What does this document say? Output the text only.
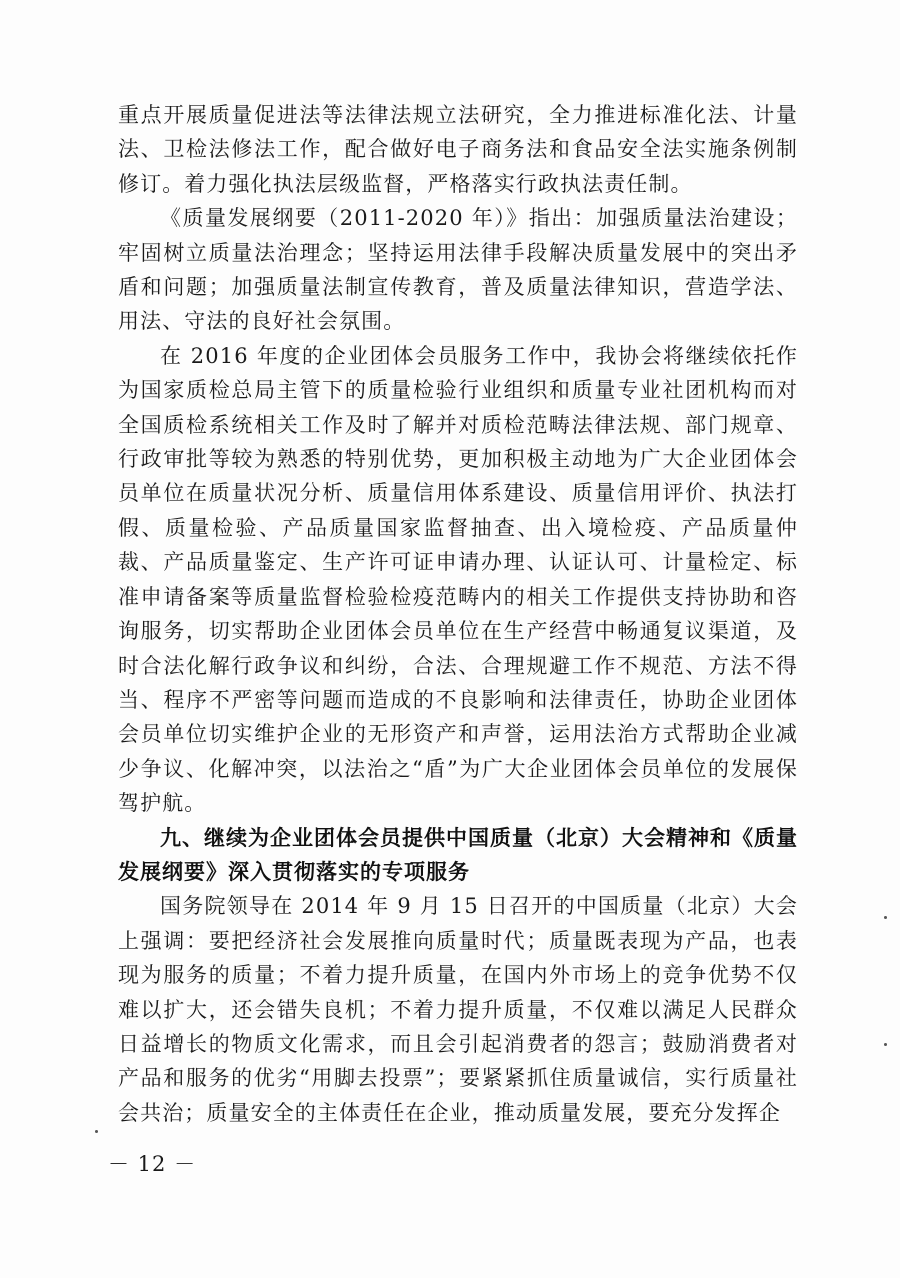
重点开展质量促进法等法律法规立法研究，全力推进标准化法、计量法、卫检法修法工作，配合做好电子商务法和食品安全法实施条例制修订。着力强化执法层级监督，严格落实行政执法责任制。

《质量发展纲要（2011-2020 年）》指出：加强质量法治建设；牢固树立质量法治理念；坚持运用法律手段解决质量发展中的突出矛盾和问题；加强质量法制宣传教育，普及质量法律知识，营造学法、用法、守法的良好社会氛围。

在 2016 年度的企业团体会员服务工作中，我协会将继续依托作为国家质检总局主管下的质量检验行业组织和质量专业社团机构而对全国质检系统相关工作及时了解并对质检范畴法律法规、部门规章、行政审批等较为熟悉的特别优势，更加积极主动地为广大企业团体会员单位在质量状况分析、质量信用体系建设、质量信用评价、执法打假、质量检验、产品质量国家监督抽查、出入境检疫、产品质量仲裁、产品质量鉴定、生产许可证申请办理、认证认可、计量检定、标准申请备案等质量监督检验检疫范畴内的相关工作提供支持协助和咨询服务，切实帮助企业团体会员单位在生产经营中畅通复议渠道，及时合法化解行政争议和纠纷，合法、合理规避工作不规范、方法不得当、程序不严密等问题而造成的不良影响和法律责任，协助企业团体会员单位切实维护企业的无形资产和声誉，运用法治方式帮助企业减少争议、化解冲突，以法治之“盾”为广大企业团体会员单位的发展保驾护航。

九、继续为企业团体会员提供中国质量（北京）大会精神和《质量发展纲要》深入贯彻落实的专项服务

国务院领导在 2014 年 9 月 15 日召开的中国质量（北京）大会上强调：要把经济社会发展推向质量时代；质量既表现为产品，也表现为服务的质量；不着力提升质量，在国内外市场上的竞争优势不仅难以扩大，还会错失良机；不着力提升质量，不仅难以满足人民群众日益增长的物质文化需求，而且会引起消费者的怨言；鼓励消费者对产品和服务的优劣“用脚去投票”；要紧紧抓住质量诚信，实行质量社会共治；质量安全的主体责任在企业，推动质量发展，要充分发挥企

－ 12 －
